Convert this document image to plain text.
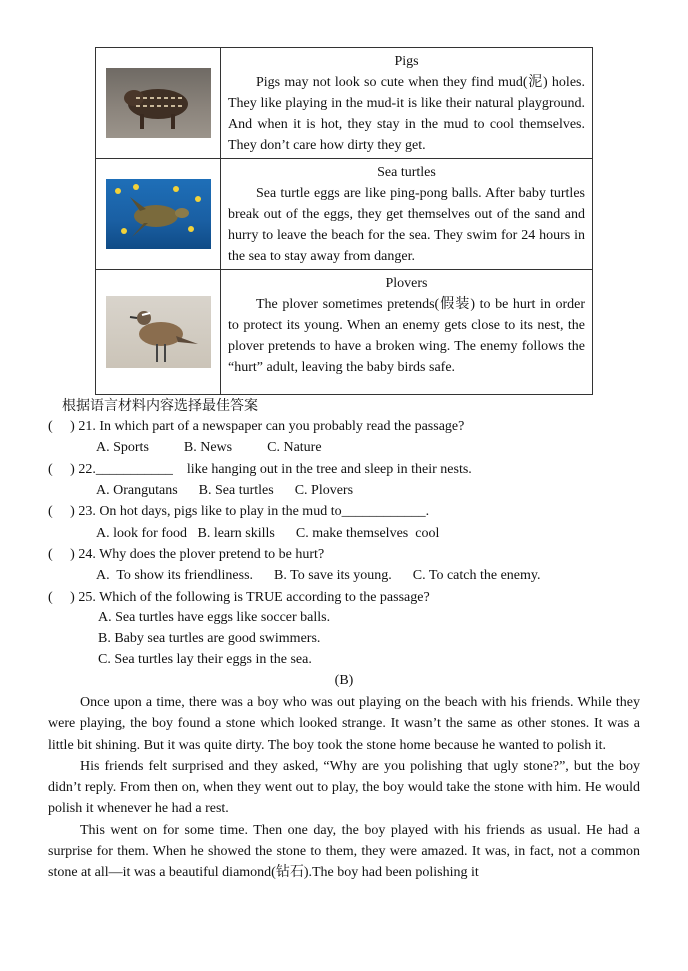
Pigs
Pigs may not look so cute when they find mud(泥) holes. They like playing in the mud-it is like their natural playground. And when it is hot, they stay in the mud to cool themselves. They don’t care how dirty they get.

Sea turtles
Sea turtle eggs are like ping-pong balls. After baby turtles break out of the eggs, they get themselves out of the sand and hurry to leave the beach for the sea. They swim for 24 hours in the sea to stay away from danger.

Plovers
The plover sometimes pretends(假装) to be hurt in order to protect its young. When an enemy gets close to its nest, the plover pretends to have a broken wing. The enemy follows the “hurt” adult, leaving the baby birds safe.
根据语言材料内容选择最佳答案
(     ) 21. In which part of a newspaper can you probably read the passage?
A. Sports          B. News          C. Nature
(     ) 22.___________    like hanging out in the tree and sleep in their nests.
A. Orangutans      B. Sea turtles      C. Plovers
(     ) 23. On hot days, pigs like to play in the mud to____________.
A. look for food   B. learn skills      C. make themselves  cool
(     ) 24. Why does the plover pretend to be hurt?
A.  To show its friendliness.      B. To save its young.      C. To catch the enemy.
(     ) 25. Which of the following is TRUE according to the passage?
A. Sea turtles have eggs like soccer balls.
B. Baby sea turtles are good swimmers.
C. Sea turtles lay their eggs in the sea.
(B)

Once upon a time, there was a boy who was out playing on the beach with his friends. While they were playing, the boy found a stone which looked strange. It wasn’t the same as other stones. It was a little bit shining. But it was quite dirty. The boy took the stone home because he wanted to polish it.

His friends felt surprised and they asked, “Why are you polishing that ugly stone?”, but the boy didn’t reply. From then on, when they went out to play, the boy would take the stone with him. He would polish it whenever he had a rest.

This went on for some time. Then one day, the boy played with his friends as usual. He had a surprise for them. When he showed the stone to them, they were amazed. It was, in fact, not a common stone at all—it was a beautiful diamond(钻石).The boy had been polishing it
